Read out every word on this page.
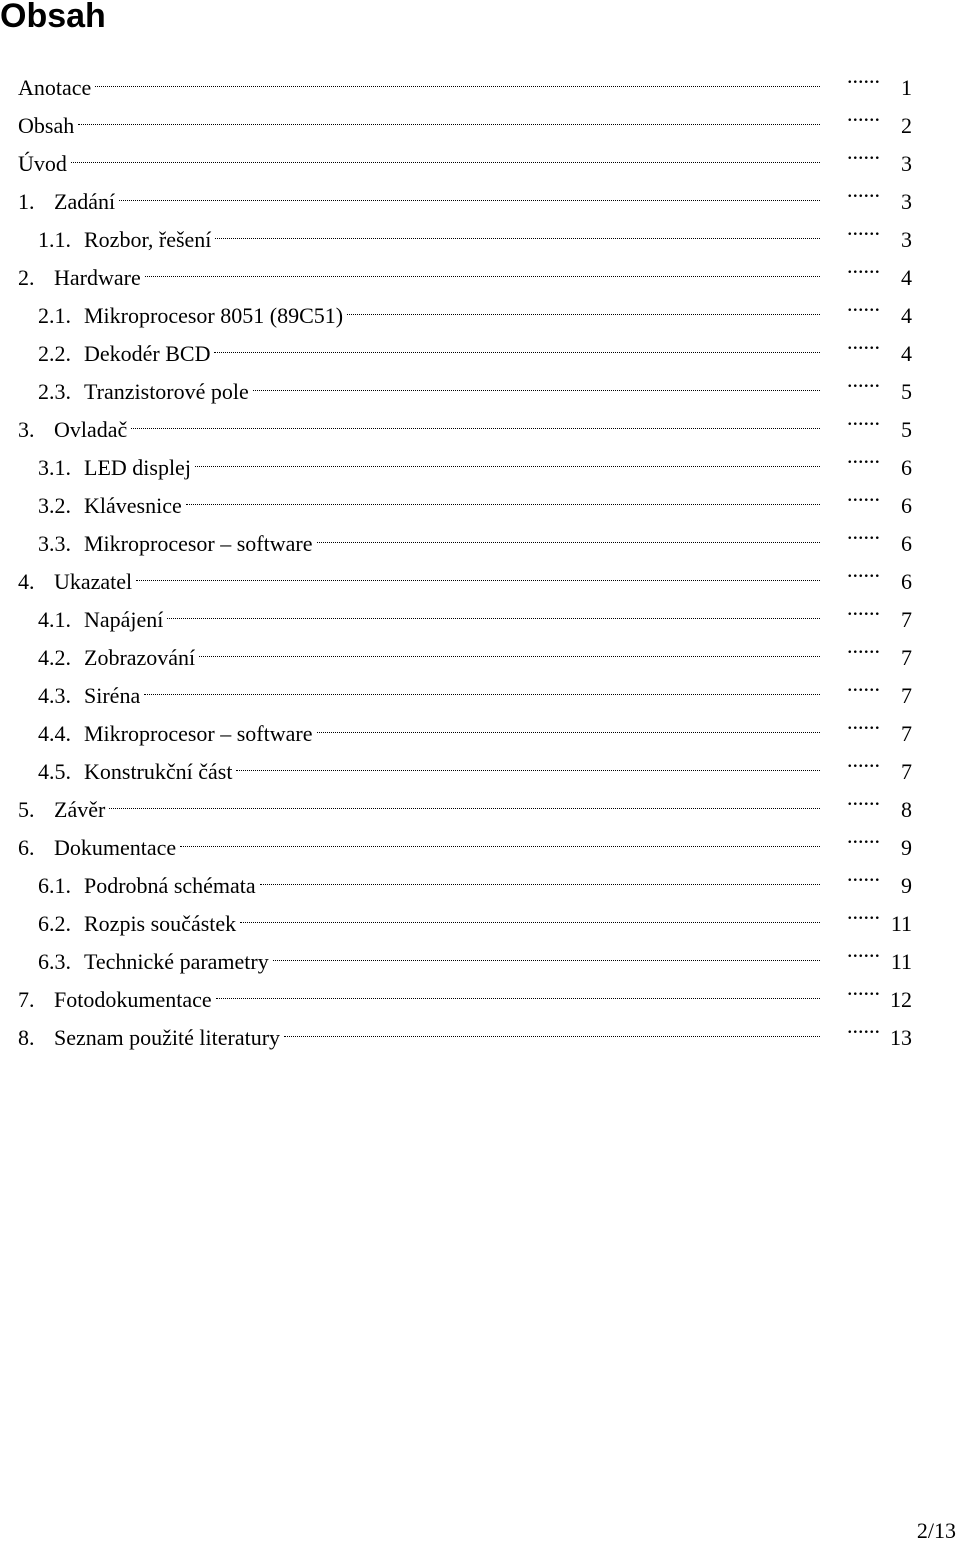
Obsah
Anotace ......	1
Obsah ......	2
Úvod ......	3
1. Zadání ......	3
1.1. Rozbor, řešení ......	3
2. Hardware ......	4
2.1. Mikroprocesor 8051 (89C51) ......	4
2.2. Dekodér BCD ......	4
2.3. Tranzistorové pole ......	5
3. Ovladač ......	5
3.1. LED displej ......	6
3.2. Klávesnice ......	6
3.3. Mikroprocesor – software ......	6
4. Ukazatel ......	6
4.1. Napájení ......	7
4.2. Zobrazování ......	7
4.3. Siréna ......	7
4.4. Mikroprocesor – software ......	7
4.5. Konstrukční část ......	7
5. Závěr ......	8
6. Dokumentace ......	9
6.1. Podrobná schémata ......	9
6.2. Rozpis součástek ......	11
6.3. Technické parametry ......	11
7. Fotodokumentace ......	12
8. Seznam použité literatury ......	13
2/13
